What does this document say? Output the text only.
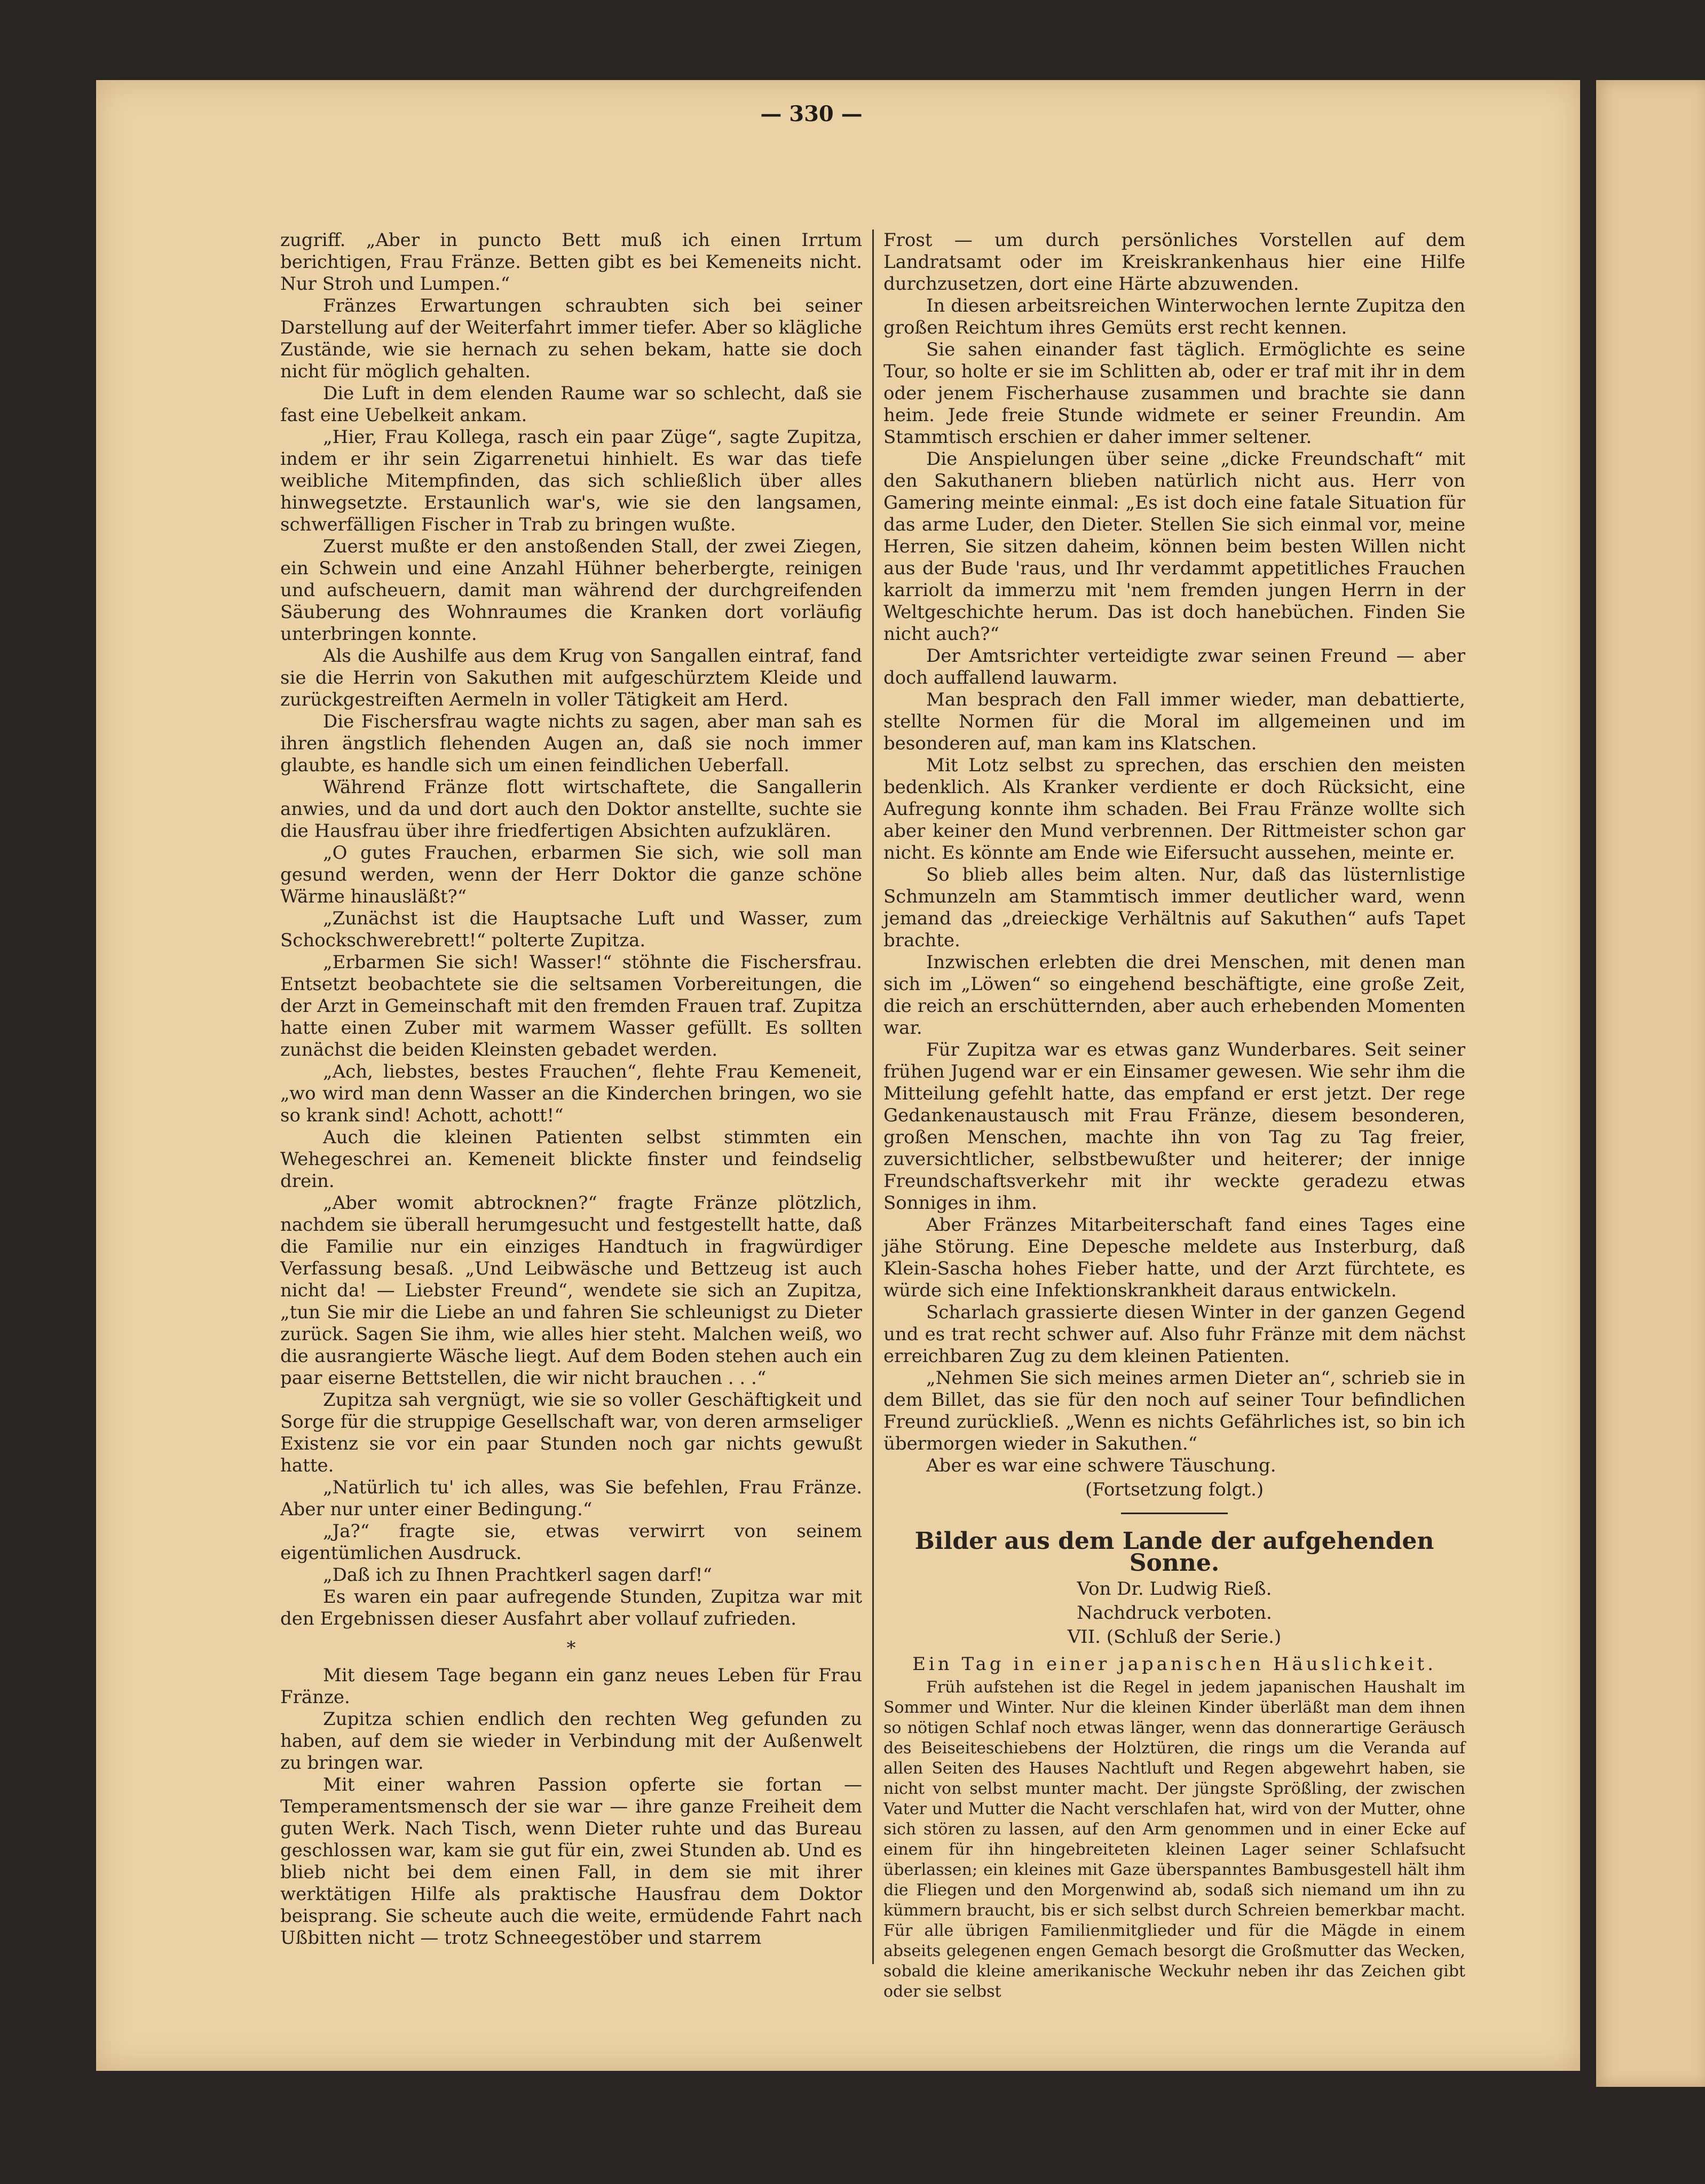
— 330 —

zugriff. „Aber in puncto Bett muß ich einen Irrtum berichtigen, Frau Fränze. Betten gibt es bei Kemeneits nicht. Nur Stroh und Lumpen.“

Fränzes Erwartungen schraubten sich bei seiner Darstellung auf der Weiterfahrt immer tiefer. Aber so klägliche Zustände, wie sie hernach zu sehen bekam, hatte sie doch nicht für möglich gehalten.

Die Luft in dem elenden Raume war so schlecht, daß sie fast eine Uebelkeit ankam.

„Hier, Frau Kollega, rasch ein paar Züge“, sagte Zupitza, indem er ihr sein Zigarrenetui hinhielt. Es war das tiefe weibliche Mitempfinden, das sich schließlich über alles hinwegsetzte. Erstaunlich war's, wie sie den langsamen, schwerfälligen Fischer in Trab zu bringen wußte.

Zuerst mußte er den anstoßenden Stall, der zwei Ziegen, ein Schwein und eine Anzahl Hühner beherbergte, reinigen und aufscheuern, damit man während der durchgreifenden Säuberung des Wohnraumes die Kranken dort vorläufig unterbringen konnte.

Als die Aushilfe aus dem Krug von Sangallen eintraf, fand sie die Herrin von Sakuthen mit aufgeschürztem Kleide und zurückgestreiften Aermeln in voller Tätigkeit am Herd.

Die Fischersfrau wagte nichts zu sagen, aber man sah es ihren ängstlich flehenden Augen an, daß sie noch immer glaubte, es handle sich um einen feindlichen Ueberfall.

Während Fränze flott wirtschaftete, die Sangallerin anwies, und da und dort auch den Doktor anstellte, suchte sie die Hausfrau über ihre friedfertigen Absichten aufzuklären.

„O gutes Frauchen, erbarmen Sie sich, wie soll man gesund werden, wenn der Herr Doktor die ganze schöne Wärme hinausläßt?“

„Zunächst ist die Hauptsache Luft und Wasser, zum Schockschwerebrett!“ polterte Zupitza.

„Erbarmen Sie sich! Wasser!“ stöhnte die Fischersfrau. Entsetzt beobachtete sie die seltsamen Vorbereitungen, die der Arzt in Gemeinschaft mit den fremden Frauen traf. Zupitza hatte einen Zuber mit warmem Wasser gefüllt. Es sollten zunächst die beiden Kleinsten gebadet werden.

„Ach, liebstes, bestes Frauchen“, flehte Frau Kemeneit, „wo wird man denn Wasser an die Kinderchen bringen, wo sie so krank sind! Achott, achott!“

Auch die kleinen Patienten selbst stimmten ein Wehegeschrei an. Kemeneit blickte finster und feindselig drein.

„Aber womit abtrocknen?“ fragte Fränze plötzlich, nachdem sie überall herumgesucht und festgestellt hatte, daß die Familie nur ein einziges Handtuch in fragwürdiger Verfassung besaß. „Und Leibwäsche und Bettzeug ist auch nicht da! — Liebster Freund“, wendete sie sich an Zupitza, „tun Sie mir die Liebe an und fahren Sie schleunigst zu Dieter zurück. Sagen Sie ihm, wie alles hier steht. Malchen weiß, wo die ausrangierte Wäsche liegt. Auf dem Boden stehen auch ein paar eiserne Bettstellen, die wir nicht brauchen . . .“

Zupitza sah vergnügt, wie sie so voller Geschäftigkeit und Sorge für die struppige Gesellschaft war, von deren armseliger Existenz sie vor ein paar Stunden noch gar nichts gewußt hatte.

„Natürlich tu' ich alles, was Sie befehlen, Frau Fränze. Aber nur unter einer Bedingung.“

„Ja?“ fragte sie, etwas verwirrt von seinem eigentümlichen Ausdruck.

„Daß ich zu Ihnen Prachtkerl sagen darf!“

Es waren ein paar aufregende Stunden, Zupitza war mit den Ergebnissen dieser Ausfahrt aber vollauf zufrieden.

*

Mit diesem Tage begann ein ganz neues Leben für Frau Fränze.

Zupitza schien endlich den rechten Weg gefunden zu haben, auf dem sie wieder in Verbindung mit der Außenwelt zu bringen war.

Mit einer wahren Passion opferte sie fortan — Temperamentsmensch der sie war — ihre ganze Freiheit dem guten Werk. Nach Tisch, wenn Dieter ruhte und das Bureau geschlossen war, kam sie gut für ein, zwei Stunden ab. Und es blieb nicht bei dem einen Fall, in dem sie mit ihrer werktätigen Hilfe als praktische Hausfrau dem Doktor beisprang. Sie scheute auch die weite, ermüdende Fahrt nach Ußbitten nicht — trotz Schneegestöber und starrem

Frost — um durch persönliches Vorstellen auf dem Landratsamt oder im Kreiskrankenhaus hier eine Hilfe durchzusetzen, dort eine Härte abzuwenden.

In diesen arbeitsreichen Winterwochen lernte Zupitza den großen Reichtum ihres Gemüts erst recht kennen.

Sie sahen einander fast täglich. Ermöglichte es seine Tour, so holte er sie im Schlitten ab, oder er traf mit ihr in dem oder jenem Fischerhause zusammen und brachte sie dann heim. Jede freie Stunde widmete er seiner Freundin. Am Stammtisch erschien er daher immer seltener.

Die Anspielungen über seine „dicke Freundschaft“ mit den Sakuthanern blieben natürlich nicht aus. Herr von Gamering meinte einmal: „Es ist doch eine fatale Situation für das arme Luder, den Dieter. Stellen Sie sich einmal vor, meine Herren, Sie sitzen daheim, können beim besten Willen nicht aus der Bude 'raus, und Ihr verdammt appetitliches Frauchen karriolt da immerzu mit 'nem fremden jungen Herrn in der Weltgeschichte herum. Das ist doch hanebüchen. Finden Sie nicht auch?“

Der Amtsrichter verteidigte zwar seinen Freund — aber doch auffallend lauwarm.

Man besprach den Fall immer wieder, man debattierte, stellte Normen für die Moral im allgemeinen und im besonderen auf, man kam ins Klatschen.

Mit Lotz selbst zu sprechen, das erschien den meisten bedenklich. Als Kranker verdiente er doch Rücksicht, eine Aufregung konnte ihm schaden. Bei Frau Fränze wollte sich aber keiner den Mund verbrennen. Der Rittmeister schon gar nicht. Es könnte am Ende wie Eifersucht aussehen, meinte er.

So blieb alles beim alten. Nur, daß das lüsternlistige Schmunzeln am Stammtisch immer deutlicher ward, wenn jemand das „dreieckige Verhältnis auf Sakuthen“ aufs Tapet brachte.

Inzwischen erlebten die drei Menschen, mit denen man sich im „Löwen“ so eingehend beschäftigte, eine große Zeit, die reich an erschütternden, aber auch erhebenden Momenten war.

Für Zupitza war es etwas ganz Wunderbares. Seit seiner frühen Jugend war er ein Einsamer gewesen. Wie sehr ihm die Mitteilung gefehlt hatte, das empfand er erst jetzt. Der rege Gedankenaustausch mit Frau Fränze, diesem besonderen, großen Menschen, machte ihn von Tag zu Tag freier, zuversichtlicher, selbstbewußter und heiterer; der innige Freundschaftsverkehr mit ihr weckte geradezu etwas Sonniges in ihm.

Aber Fränzes Mitarbeiterschaft fand eines Tages eine jähe Störung. Eine Depesche meldete aus Insterburg, daß Klein-Sascha hohes Fieber hatte, und der Arzt fürchtete, es würde sich eine Infektionskrankheit daraus entwickeln.

Scharlach grassierte diesen Winter in der ganzen Gegend und es trat recht schwer auf. Also fuhr Fränze mit dem nächst erreichbaren Zug zu dem kleinen Patienten.

„Nehmen Sie sich meines armen Dieter an“, schrieb sie in dem Billet, das sie für den noch auf seiner Tour befindlichen Freund zurückließ. „Wenn es nichts Gefährliches ist, so bin ich übermorgen wieder in Sakuthen.“

Aber es war eine schwere Täuschung.

(Fortsetzung folgt.)
Bilder aus dem Lande der aufgehenden Sonne.
Von Dr. Ludwig Rieß.
Nachdruck verboten.
VII. (Schluß der Serie.)
Ein Tag in einer japanischen Häuslichkeit.

Früh aufstehen ist die Regel in jedem japanischen Haushalt im Sommer und Winter. Nur die kleinen Kinder überläßt man dem ihnen so nötigen Schlaf noch etwas länger, wenn das donnerartige Geräusch des Beiseiteschiebens der Holztüren, die rings um die Veranda auf allen Seiten des Hauses Nachtluft und Regen abgewehrt haben, sie nicht von selbst munter macht. Der jüngste Sprößling, der zwischen Vater und Mutter die Nacht verschlafen hat, wird von der Mutter, ohne sich stören zu lassen, auf den Arm genommen und in einer Ecke auf einem für ihn hingebreiteten kleinen Lager seiner Schlafsucht überlassen; ein kleines mit Gaze überspanntes Bambusgestell hält ihm die Fliegen und den Morgenwind ab, sodaß sich niemand um ihn zu kümmern braucht, bis er sich selbst durch Schreien bemerkbar macht. Für alle übrigen Familienmitglieder und für die Mägde in einem abseits gelegenen engen Gemach besorgt die Großmutter das Wecken, sobald die kleine amerikanische Weckuhr neben ihr das Zeichen gibt oder sie selbst
